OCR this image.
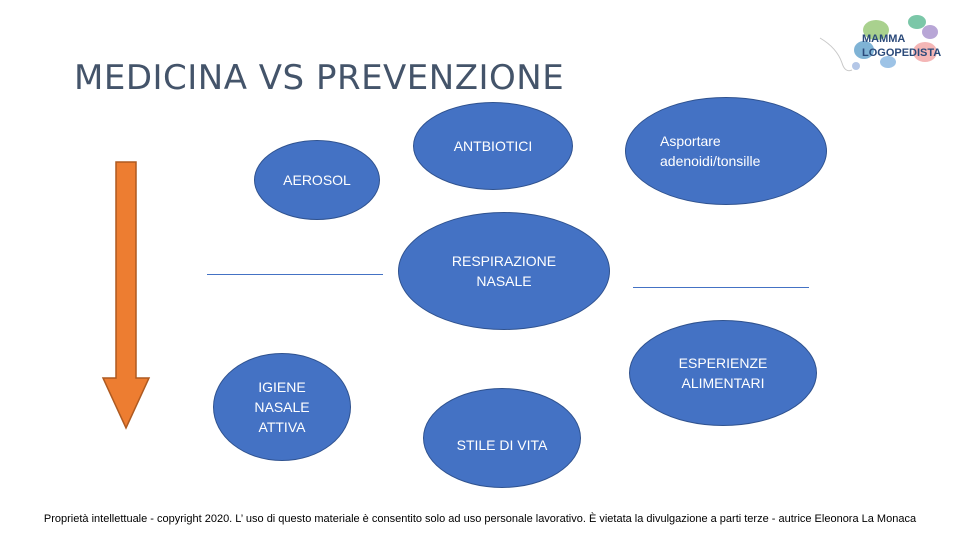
MEDICINA VS PREVENZIONE
MAMMA
LOGOPEDISTA
ANTBIOTICI	Asportare
adenoidi/tonsille
AEROSOL
RESPIRAZIONE
NASALE
ESPERIENZE
ALIMENTARI
IGIENE
NASALE
ATTIVA
STILE DI VITA
Proprietà intellettuale - copyright 2020. L’ uso di questo materiale è consentito solo ad uso personale lavorativo. È vietata la divulgazione a parti terze - autrice Eleonora La Monaca
